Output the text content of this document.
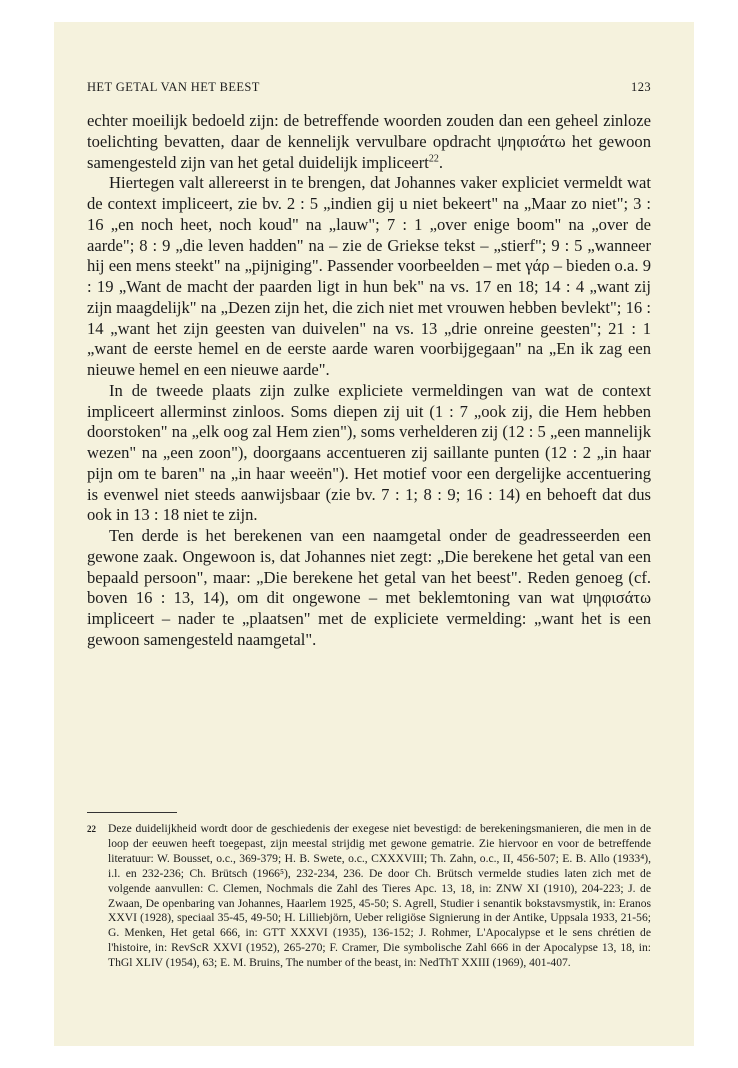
HET GETAL VAN HET BEEST	123

echter moeilijk bedoeld zijn: de betreffende woorden zouden dan een geheel zinloze toelichting bevatten, daar de kennelijk vervulbare opdracht ψηφισάτω het gewoon samengesteld zijn van het getal duidelijk impliceert$^{22}$.

Hiertegen valt allereerst in te brengen, dat Johannes vaker expliciet vermeldt wat de context impliceert, zie bv. 2 : 5 „indien gij u niet bekeert" na „Maar zo niet"; 3 : 16 „en noch heet, noch koud" na „lauw"; 7 : 1 „over enige boom" na „over de aarde"; 8 : 9 „die leven hadden" na – zie de Griekse tekst – „stierf"; 9 : 5 „wanneer hij een mens steekt" na „pijniging". Passender voorbeelden – met γάρ – bieden o.a. 9 : 19 „Want de macht der paarden ligt in hun bek" na vs. 17 en 18; 14 : 4 „want zij zijn maagdelijk" na „Dezen zijn het, die zich niet met vrouwen hebben bevlekt"; 16 : 14 „want het zijn geesten van duivelen" na vs. 13 „drie onreine geesten"; 21 : 1 „want de eerste hemel en de eerste aarde waren voorbijgegaan" na „En ik zag een nieuwe hemel en een nieuwe aarde".

In de tweede plaats zijn zulke expliciete vermeldingen van wat de context impliceert allerminst zinloos. Soms diepen zij uit (1 : 7 „ook zij, die Hem hebben doorstoken" na „elk oog zal Hem zien"), soms verhelderen zij (12 : 5 „een mannelijk wezen" na „een zoon"), doorgaans accentueren zij saillante punten (12 : 2 „in haar pijn om te baren" na „in haar weeën"). Het motief voor een dergelijke accentuering is evenwel niet steeds aanwijsbaar (zie bv. 7 : 1; 8 : 9; 16 : 14) en behoeft dat dus ook in 13 : 18 niet te zijn.

Ten derde is het berekenen van een naamgetal onder de geadresseerden een gewone zaak. Ongewoon is, dat Johannes niet zegt: „Die berekene het getal van een bepaald persoon", maar: „Die berekene het getal van het beest". Reden genoeg (cf. boven 16 : 13, 14), om dit ongewone – met beklemtoning van wat ψηφισάτω impliceert – nader te „plaatsen" met de expliciete vermelding: „want het is een gewoon samengesteld naamgetal".

22 Deze duidelijkheid wordt door de geschiedenis der exegese niet bevestigd: de berekeningsmanieren, die men in de loop der eeuwen heeft toegepast, zijn meestal strijdig met gewone gematrie. Zie hiervoor en voor de betreffende literatuur: W. Bousset, o.c., 369-379; H. B. Swete, o.c., CXXXVIII; Th. Zahn, o.c., II, 456-507; E. B. Allo (1933⁴), i.l. en 232-236; Ch. Brütsch (1966⁵), 232-234, 236. De door Ch. Brütsch vermelde studies laten zich met de volgende aanvullen: C. Clemen, Nochmals die Zahl des Tieres Apc. 13, 18, in: ZNW XI (1910), 204-223; J. de Zwaan, De openbaring van Johannes, Haarlem 1925, 45-50; S. Agrell, Studier i senantik bokstavsmystik, in: Eranos XXVI (1928), speciaal 35-45, 49-50; H. Lilliebjörn, Ueber religiöse Signierung in der Antike, Uppsala 1933, 21-56; G. Menken, Het getal 666, in: GTT XXXVI (1935), 136-152; J. Rohmer, L'Apocalypse et le sens chrétien de l'histoire, in: RevScR XXVI (1952), 265-270; F. Cramer, Die symbolische Zahl 666 in der Apocalypse 13, 18, in: ThGl XLIV (1954), 63; E. M. Bruins, The number of the beast, in: NedThT XXIII (1969), 401-407.
